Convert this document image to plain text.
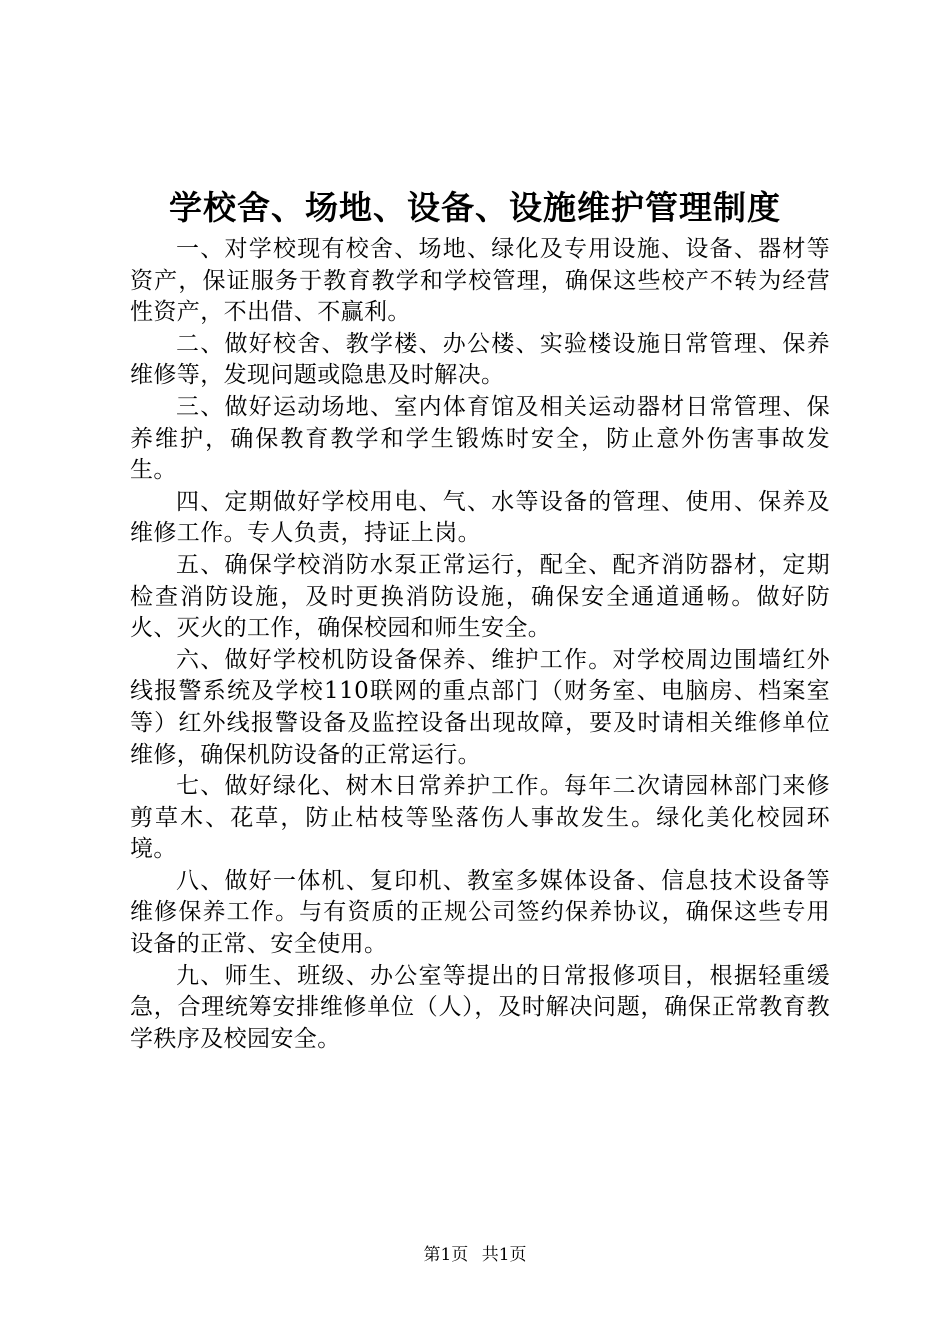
学校舍、场地、设备、设施维护管理制度

一、对学校现有校舍、场地、绿化及专用设施、设备、器材等资产，保证服务于教育教学和学校管理，确保这些校产不转为经营性资产，不出借、不赢利。

二、做好校舍、教学楼、办公楼、实验楼设施日常管理、保养维修等，发现问题或隐患及时解决。

三、做好运动场地、室内体育馆及相关运动器材日常管理、保养维护，确保教育教学和学生锻炼时安全，防止意外伤害事故发生。

四、定期做好学校用电、气、水等设备的管理、使用、保养及维修工作。专人负责，持证上岗。

五、确保学校消防水泵正常运行，配全、配齐消防器材，定期检查消防设施，及时更换消防设施，确保安全通道通畅。做好防火、灭火的工作，确保校园和师生安全。

六、做好学校机防设备保养、维护工作。对学校周边围墙红外线报警系统及学校110联网的重点部门（财务室、电脑房、档案室等）红外线报警设备及监控设备出现故障，要及时请相关维修单位维修，确保机防设备的正常运行。

七、做好绿化、树木日常养护工作。每年二次请园林部门来修剪草木、花草，防止枯枝等坠落伤人事故发生。绿化美化校园环境。

八、做好一体机、复印机、教室多媒体设备、信息技术设备等维修保养工作。与有资质的正规公司签约保养协议，确保这些专用设备的正常、安全使用。

九、师生、班级、办公室等提出的日常报修项目，根据轻重缓急，合理统筹安排维修单位（人），及时解决问题，确保正常教育教学秩序及校园安全。

第1页 共1页
